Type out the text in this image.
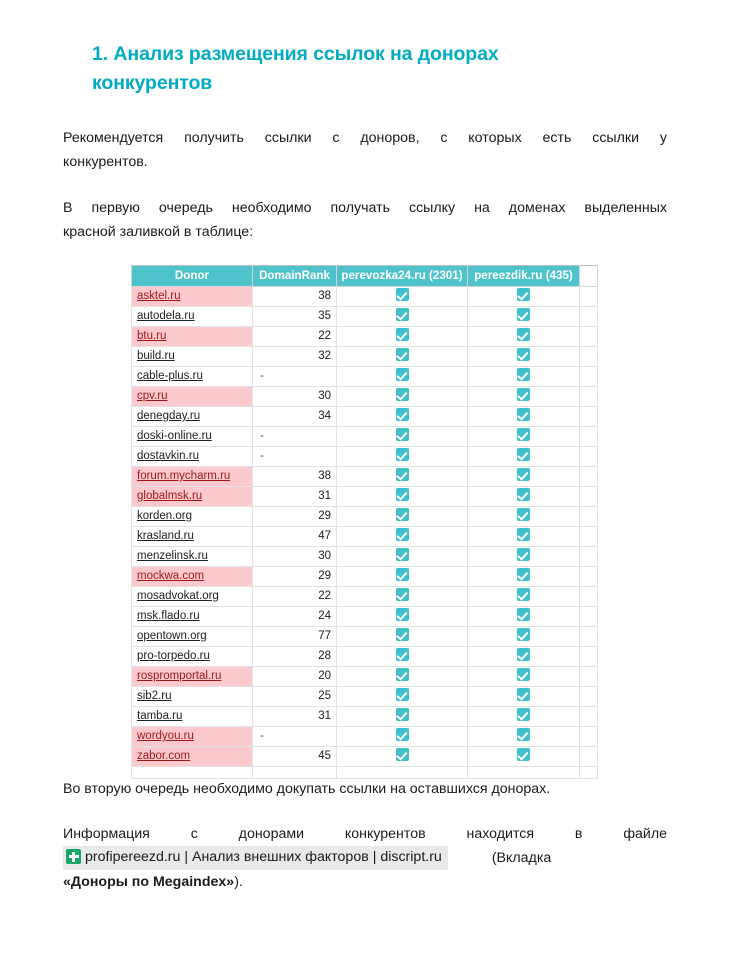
1. Анализ размещения ссылок на донорах конкурентов
Рекомендуется получить ссылки с доноров, с которых есть ссылки у
конкурентов.
В первую очередь необходимо получать ссылку на доменах выделенных
красной заливкой в таблице:
Donor	DomainRank	perevozka24.ru (2301)	pereezdik.ru (435)	
asktel.ru	38			
autodela.ru	35			
btu.ru	22			
build.ru	32			
cable-plus.ru	-			
cpv.ru	30			
denegday.ru	34			
doski-online.ru	-			
dostavkin.ru	-			
forum.mycharm.ru	38			
globalmsk.ru	31			
korden.org	29			
krasland.ru	47			
menzelinsk.ru	30			
mockwa.com	29			
mosadvokat.org	22			
msk.flado.ru	24			
opentown.org	77			
pro-torpedo.ru	28			
rospromportal.ru	20			
sib2.ru	25			
tamba.ru	31			
wordyou.ru	-			
zabor.com	45			

Во вторую очередь необходимо докупать ссылки на оставшихся донорах.
Информация с донорами конкурентов находится в файле
profipereezd.ru | Анализ внешних факторов | discript.ru	(Вкладка
«Доноры по Megaindex»).
